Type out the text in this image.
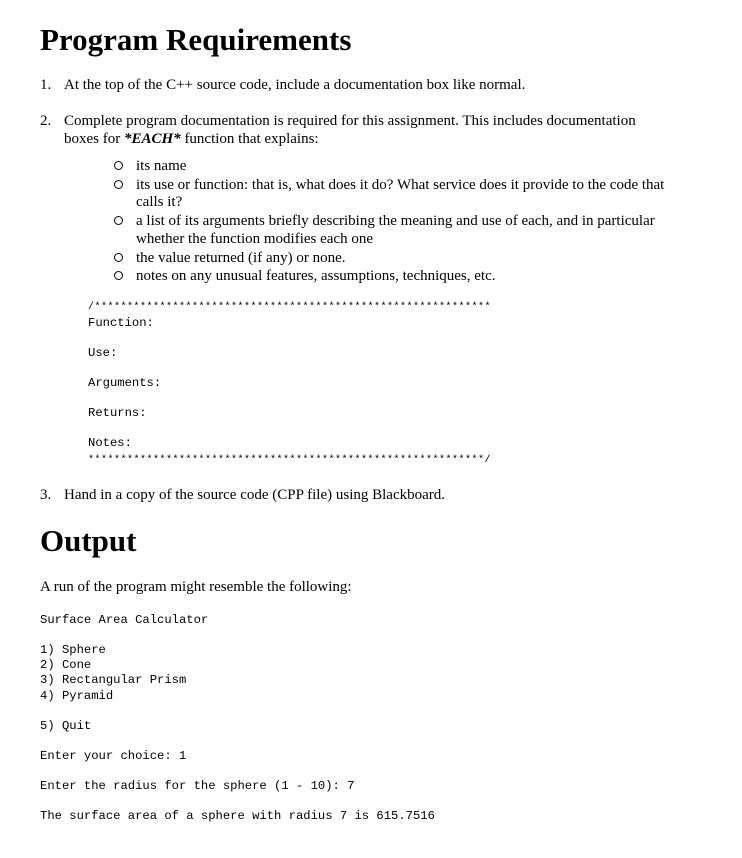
Program Requirements

1. At the top of the C++ source code, include a documentation box like normal.

2. Complete program documentation is required for this assignment. This includes documentation

boxes for *EACH* function that explains:

its name

its use or function: that is, what does it do? What service does it provide to the code that

calls it?

a list of its arguments briefly describing the meaning and use of each, and in particular

whether the function modifies each one

the value returned (if any) or none.

notes on any unusual features, assumptions, techniques, etc.

/*************************************************************

Function:

Use:

Arguments:

Returns:

Notes:

*************************************************************/

3. Hand in a copy of the source code (CPP file) using Blackboard.

Output

A run of the program might resemble the following:

Surface Area Calculator

1) Sphere

2) Cone

3) Rectangular Prism

4) Pyramid

5) Quit

Enter your choice: 1

Enter the radius for the sphere (1 - 10): 7

The surface area of a sphere with radius 7 is 615.7516
